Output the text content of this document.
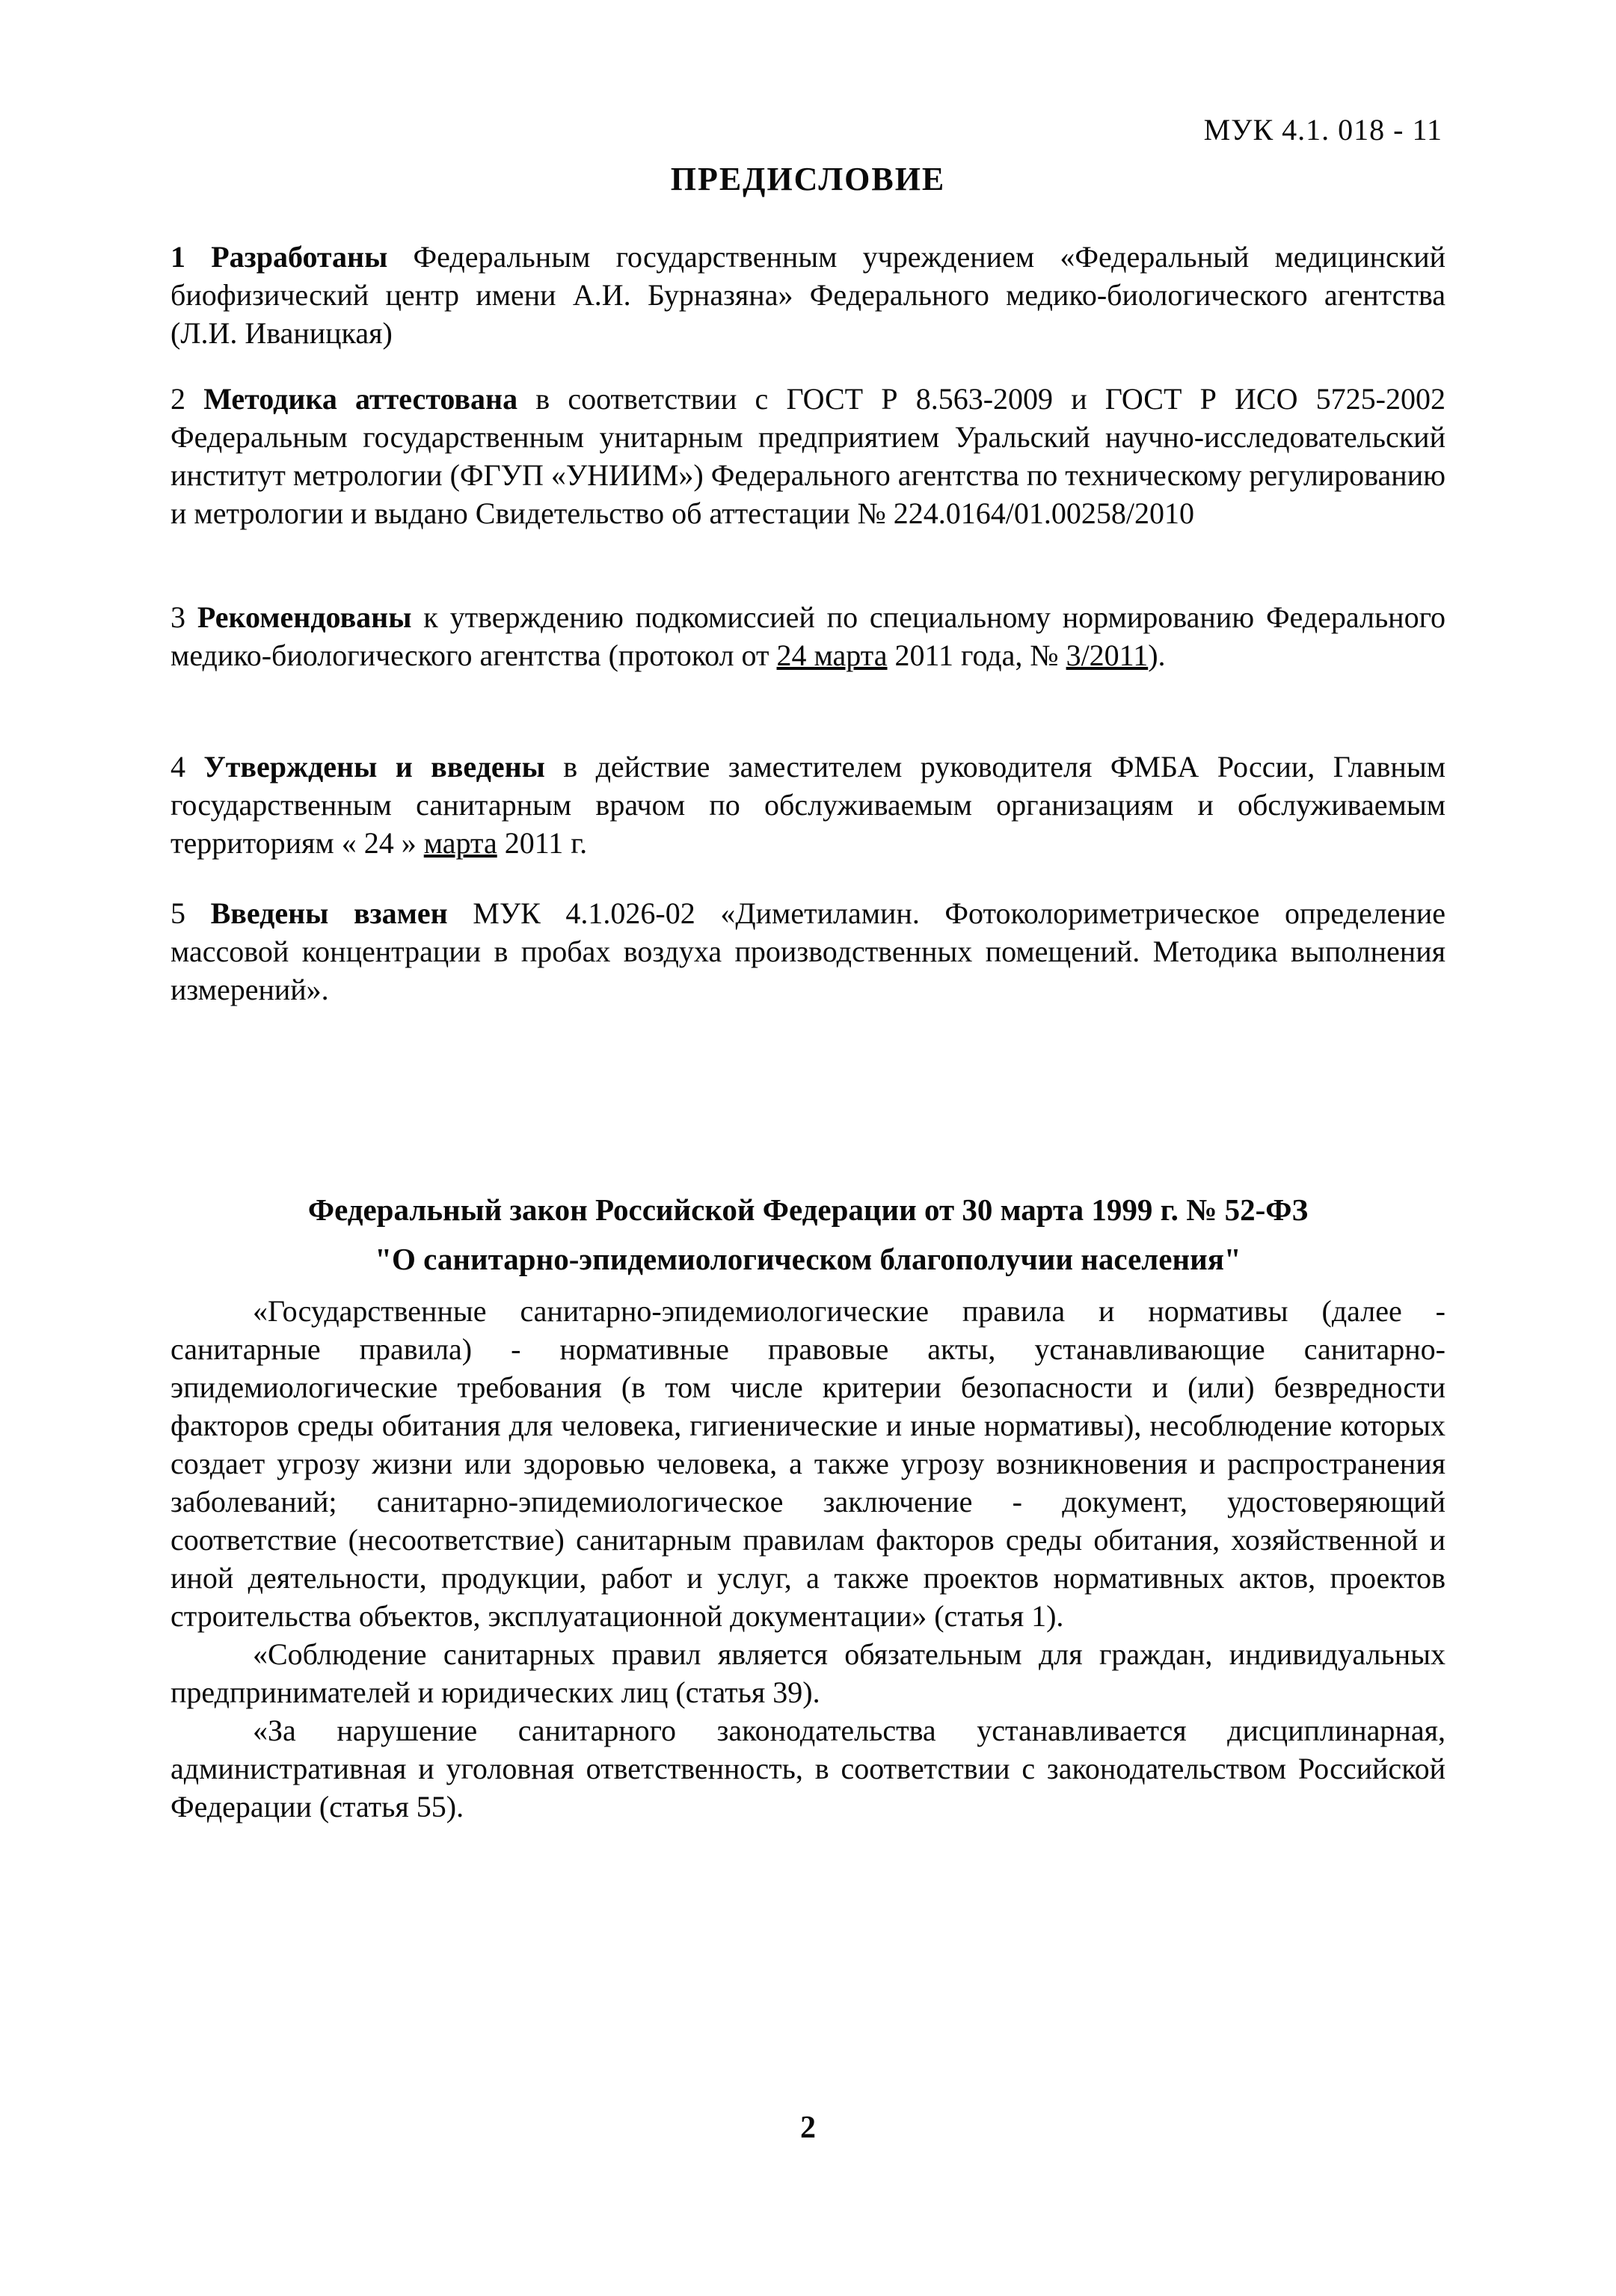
МУК 4.1. 018 - 11
ПРЕДИСЛОВИЕ
1 Разработаны Федеральным государственным учреждением «Федеральный медицинский биофизический центр имени А.И. Бурназяна» Федерального медико-биологического агентства (Л.И. Иваницкая)
2 Методика аттестована в соответствии с ГОСТ Р 8.563-2009 и ГОСТ Р ИСО 5725-2002 Федеральным государственным унитарным предприятием Уральский научно-исследовательский институт метрологии (ФГУП «УНИИМ») Федерального агентства по техническому регулированию и метрологии и выдано Свидетельство об аттестации № 224.0164/01.00258/2010
3 Рекомендованы к утверждению подкомиссией по специальному нормированию Федерального медико-биологического агентства (протокол от 24 марта 2011 года, № 3/2011).
4 Утверждены и введены в действие заместителем руководителя ФМБА России, Главным государственным санитарным врачом по обслуживаемым организациям и обслуживаемым территориям « 24 » марта 2011 г.
5 Введены взамен МУК 4.1.026-02 «Диметиламин. Фотоколориметрическое определение массовой концентрации в пробах воздуха производственных помещений. Методика выполнения измерений».
Федеральный закон Российской Федерации от 30 марта 1999 г. № 52-ФЗ
"О санитарно-эпидемиологическом благополучии населения"

«Государственные санитарно-эпидемиологические правила и нормативы (далее - санитарные правила) - нормативные правовые акты, устанавливающие санитарно-эпидемиологические требования (в том числе критерии безопасности и (или) безвредности факторов среды обитания для человека, гигиенические и иные нормативы), несоблюдение которых создает угрозу жизни или здоровью человека, а также угрозу возникновения и распространения заболеваний; санитарно-эпидемиологическое заключение - документ, удостоверяющий соответствие (несоответствие) санитарным правилам факторов среды обитания, хозяйственной и иной деятельности, продукции, работ и услуг, а также проектов нормативных актов, проектов строительства объектов, эксплуатационной документации» (статья 1).

«Соблюдение санитарных правил является обязательным для граждан, индивидуальных предпринимателей и юридических лиц (статья 39).

«За нарушение санитарного законодательства устанавливается дисциплинарная, административная и уголовная ответственность, в соответствии с законодательством Российской Федерации (статья 55).

2
